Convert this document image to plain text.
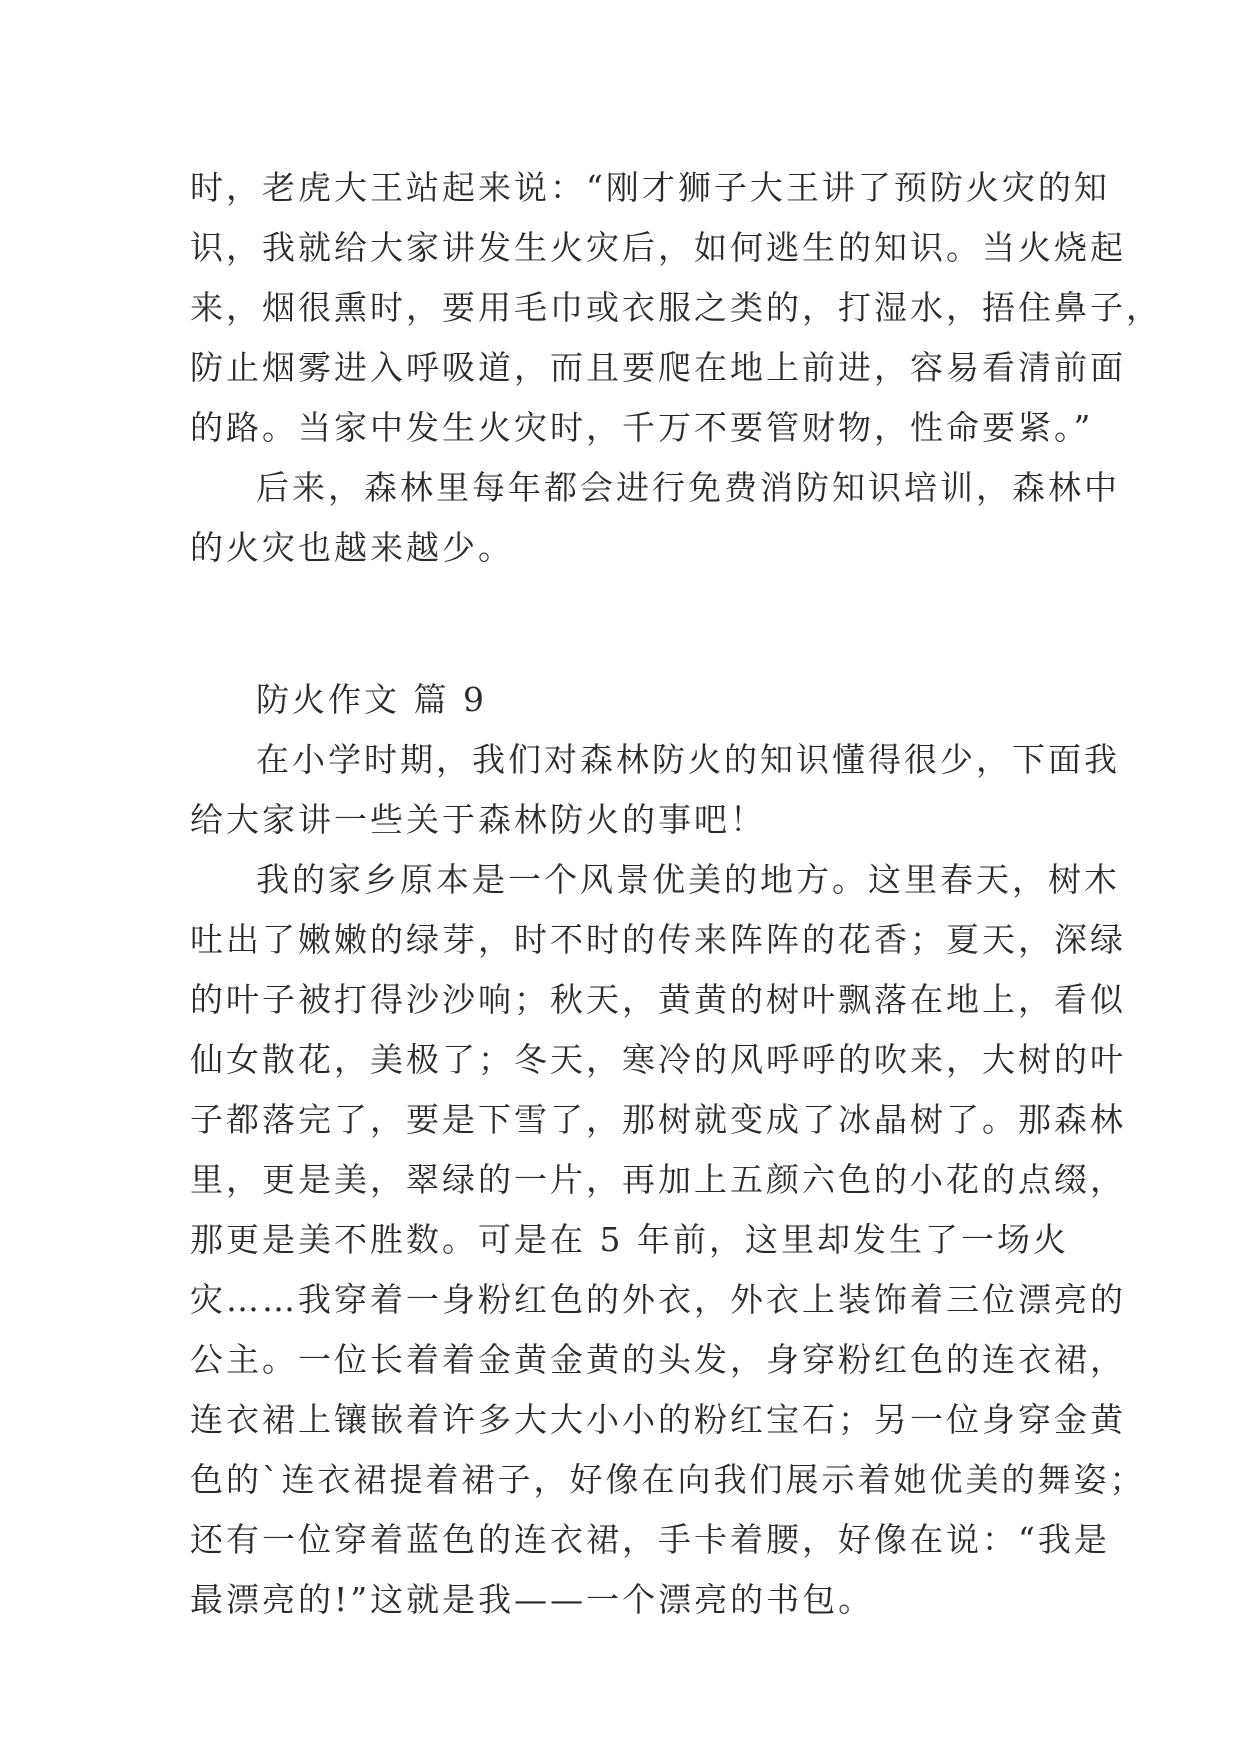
时，老虎大王站起来说：“刚才狮子大王讲了预防火灾的知
识，我就给大家讲发生火灾后，如何逃生的知识。当火烧起
来，烟很熏时，要用毛巾或衣服之类的，打湿水，捂住鼻子，
防止烟雾进入呼吸道，而且要爬在地上前进，容易看清前面
的路。当家中发生火灾时，千万不要管财物，性命要紧。”
后来，森林里每年都会进行免费消防知识培训，森林中
的火灾也越来越少。
防火作文 篇 9
在小学时期，我们对森林防火的知识懂得很少，下面我
给大家讲一些关于森林防火的事吧！
我的家乡原本是一个风景优美的地方。这里春天，树木
吐出了嫩嫩的绿芽，时不时的传来阵阵的花香；夏天，深绿
的叶子被打得沙沙响；秋天，黄黄的树叶飘落在地上，看似
仙女散花，美极了；冬天，寒冷的风呼呼的吹来，大树的叶
子都落完了，要是下雪了，那树就变成了冰晶树了。那森林
里，更是美，翠绿的一片，再加上五颜六色的小花的点缀，
那更是美不胜数。可是在 5 年前，这里却发生了一场火
灾……我穿着一身粉红色的外衣，外衣上装饰着三位漂亮的
公主。一位长着着金黄金黄的头发，身穿粉红色的连衣裙，
连衣裙上镶嵌着许多大大小小的粉红宝石；另一位身穿金黄
色的`连衣裙提着裙子，好像在向我们展示着她优美的舞姿；
还有一位穿着蓝色的连衣裙，手卡着腰，好像在说：“我是
最漂亮的!”这就是我——一个漂亮的书包。
